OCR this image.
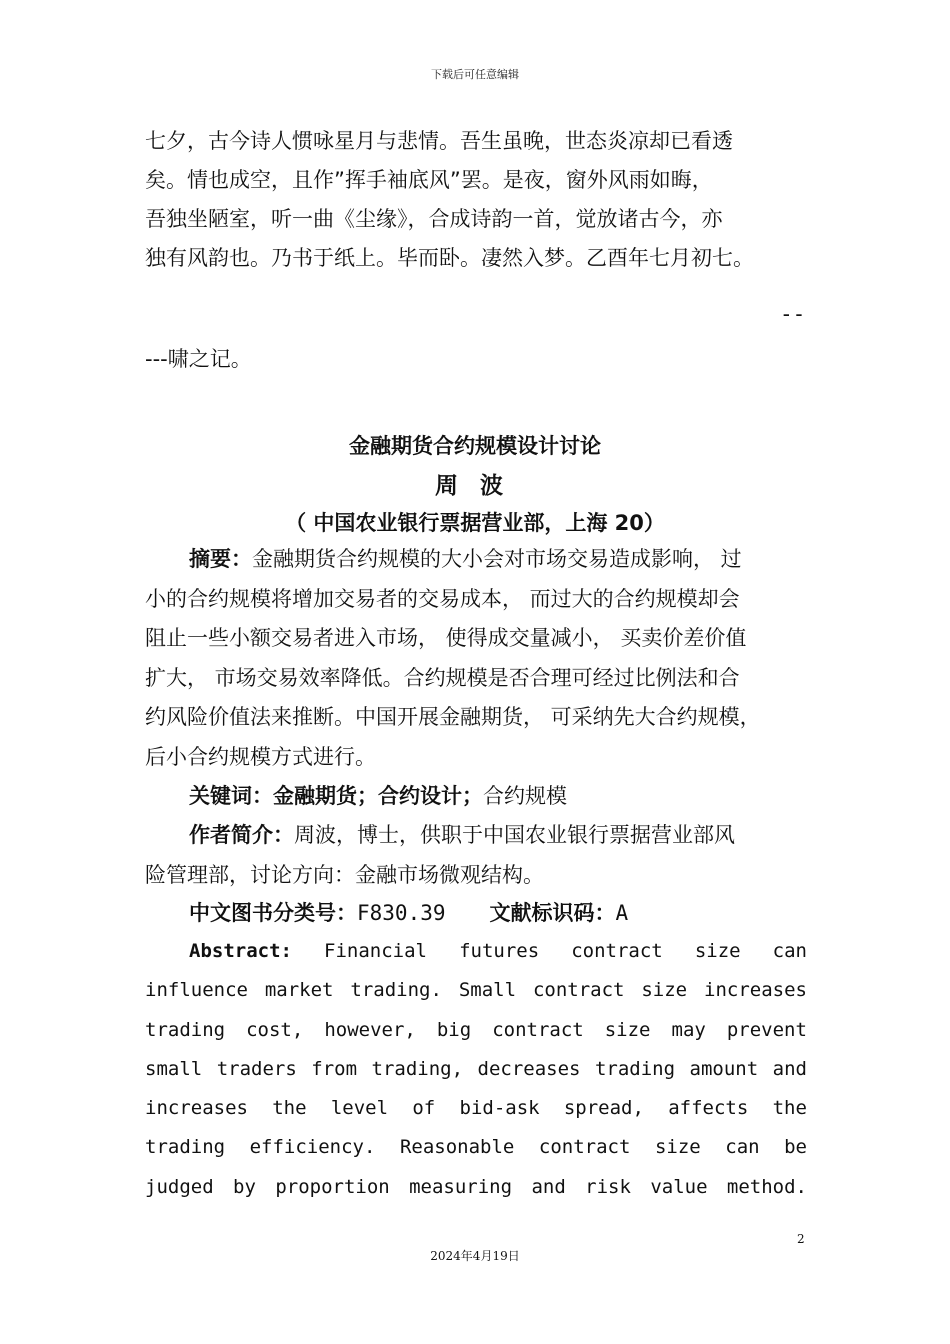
下载后可任意编辑

七夕，古今诗人惯咏星月与悲情。吾生虽晚，世态炎凉却已看透

矣。情也成空，且作”挥手袖底风”罢。是夜，窗外风雨如晦，

吾独坐陋室，听一曲《尘缘》，合成诗韵一首，觉放诸古今，亦

独有风韵也。乃书于纸上。毕而卧。凄然入梦。乙酉年七月初七。

--
---啸之记。
金融期货合约规模设计讨论
周波
（ 中国农业银行票据营业部，上海 20）

摘要：金融期货合约规模的大小会对市场交易造成影响， 过

小的合约规模将增加交易者的交易成本， 而过大的合约规模却会

阻止一些小额交易者进入市场， 使得成交量减小， 买卖价差价值

扩大， 市场交易效率降低。合约规模是否合理可经过比例法和合

约风险价值法来推断。中国开展金融期货， 可采纳先大合约规模，

后小合约规模方式进行。

关键词：金融期货；合约设计；合约规模
作者简介：周波，博士，供职于中国农业银行票据营业部风
险管理部，讨论方向：金融市场微观结构。
中文图书分类号：F830.39 文献标识码：A
Abstract: Financial futures contract size can
influence market trading. Small contract size increases
trading cost, however, big contract size may prevent
small traders from trading, decreases trading amount and
increases the level of bid-ask spread, affects the
trading efficiency. Reasonable contract size can be
judged by proportion measuring and risk value method.
2
2024年4月19日
